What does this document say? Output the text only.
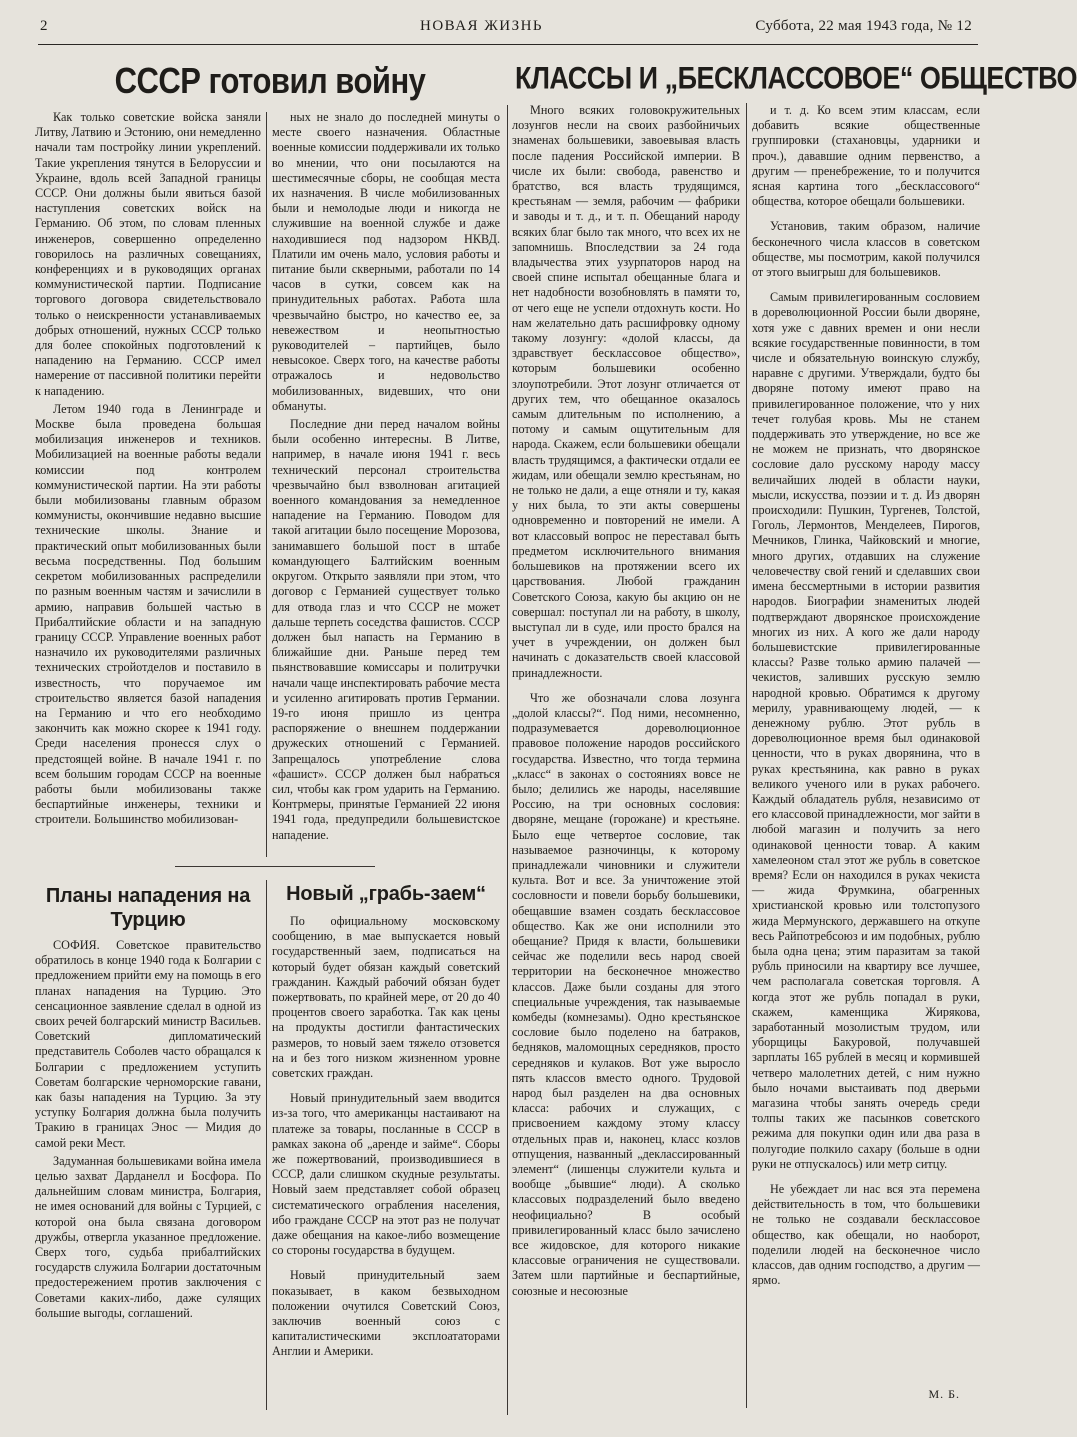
2	НОВАЯ ЖИЗНЬ	Суббота, 22 мая 1943 года, № 12
СССР готовил войну

Как только советские войска заняли Литву, Латвию и Эстонию, они немедленно начали там постройку линии укреплений. Такие укрепления тянутся в Белоруссии и Украине, вдоль всей Западной границы СССР. Они должны были явиться базой наступления советских войск на Германию. Об этом, по словам пленных инженеров, совершенно определенно говорилось на различных совещаниях, конференциях и в руководящих органах коммунистической партии. Подписание торгового договора свидетельствовало только о неискренности устанавливаемых добрых отношений, нужных СССР только для более спокойных подготовлений к нападению на Германию. СССР имел намерение от пассивной политики перейти к нападению.

Летом 1940 года в Ленинграде и Москве была проведена большая мобилизация инженеров и техников. Мобилизацией на военные работы ведали комиссии под контролем коммунистической партии. На эти работы были мобилизованы главным образом коммунисты, окончившие недавно высшие технические школы. Знание и практический опыт мобилизованных были весьма посредственны. Под большим секретом мобилизованных распределили по разным военным частям и зачислили в армию, направив большей частью в Прибалтийские области и на западную границу СССР. Управление военных работ назначило их руководителями различных технических стройотделов и поставило в известность, что поручаемое им строительство является базой нападения на Германию и что его необходимо закончить как можно скорее к 1941 году. Среди населения пронесся слух о предстоящей войне. В начале 1941 г. по всем большим городам СССР на военные работы были мобилизованы также беспартийные инженеры, техники и строители. Большинство мобилизован-

ных не знало до последней минуты о месте своего назначения. Областные военные комиссии поддерживали их только во мнении, что они посылаются на шестимесячные сборы, не сообщая места их назначения. В числе мобилизованных были и немолодые люди и никогда не служившие на военной службе и даже находившиеся под надзором НКВД. Платили им очень мало, условия работы и питание были скверными, работали по 14 часов в сутки, совсем как на принудительных работах. Работа шла чрезвычайно быстро, но качество ее, за невежеством и неопытностью руководителей – партийцев, было невысокое. Сверх того, на качестве работы отражалось и недовольство мобилизованных, видевших, что они обмануты.

Последние дни перед началом войны были особенно интересны. В Литве, например, в начале июня 1941 г. весь технический персонал строительства чрезвычайно был взволнован агитацией военного командования за немедленное нападение на Германию. Поводом для такой агитации было посещение Морозова, занимавшего большой пост в штабе командующего Балтийским военным округом. Открыто заявляли при этом, что договор с Германией существует только для отвода глаз и что СССР не может дальше терпеть соседства фашистов. СССР должен был напасть на Германию в ближайшие дни. Раньше перед тем пьянствовавшие комиссары и политручки начали чаще инспектировать рабочие места и усиленно агитировать против Германии. 19-го июня пришло из центра распоряжение о внешнем поддержании дружеских отношений с Германией. Запрещалось употребление слова «фашист». СССР должен был набраться сил, чтобы как гром ударить на Германию. Контрмеры, принятые Германией 22 июня 1941 года, предупредили большевистское нападение.

Планы нападения на Турцию

СОФИЯ. Советское правительство обратилось в конце 1940 года к Болгарии с предложением прийти ему на помощь в его планах нападения на Турцию. Это сенсационное заявление сделал в одной из своих речей болгарский министр Васильев. Советский дипломатический представитель Соболев часто обращался к Болгарии с предложением уступить Советам болгарские черноморские гавани, как базы нападения на Турцию. За эту уступку Болгария должна была получить Тракию в границах Энос — Мидия до самой реки Мест.

Задуманная большевиками война имела целью захват Дарданелл и Босфора. По дальнейшим словам министра, Болгария, не имея оснований для войны с Турцией, с которой она была связана договором дружбы, отвергла указанное предложение. Сверх того, судьба прибалтийских государств служила Болгарии достаточным предостережением против заключения с Советами каких-либо, даже сулящих большие выгоды, соглашений.

Новый „грабь-заем“

По официальному московскому сообщению, в мае выпускается новый государственный заем, подписаться на который будет обязан каждый советский гражданин. Каждый рабочий обязан будет пожертвовать, по крайней мере, от 20 до 40 процентов своего заработка. Так как цены на продукты достигли фантастических размеров, то новый заем тяжело отзовется на и без того низком жизненном уровне советских граждан.

Новый принудительный заем вводится из-за того, что американцы настаивают на платеже за товары, посланные в СССР в рамках закона об „аренде и займе“. Сборы же пожертвований, производившиеся в СССР, дали слишком скудные результаты. Новый заем представляет собой образец систематического ограбления населения, ибо граждане СССР на этот раз не получат даже обещания на какое-либо возмещение со стороны государства в будущем.

Новый принудительный заем показывает, в каком безвыходном положении очутился Советский Союз, заключив военный союз с капиталистическими эксплоататорами Англии и Америки.

КЛАССЫ И „БЕСКЛАССОВОЕ“ ОБЩЕСТВО

Много всяких головокружительных лозунгов несли на своих разбойничьих знаменах большевики, завоевывая власть после падения Российской империи. В числе их были: свобода, равенство и братство, вся власть трудящимся, крестьянам — земля, рабочим — фабрики и заводы и т. д., и т. п. Обещаний народу всяких благ было так много, что всех их не запомнишь. Впоследствии за 24 года владычества этих узурпаторов народ на своей спине испытал обещанные блага и нет надобности возобновлять в памяти то, от чего еще не успели отдохнуть кости. Но нам желательно дать расшифровку одному такому лозунгу: «долой классы, да здравствует бесклассовое общество», которым большевики особенно злоупотребили. Этот лозунг отличается от других тем, что обещанное оказалось самым длительным по исполнению, а потому и самым ощутительным для народа. Скажем, если большевики обещали власть трудящимся, а фактически отдали ее жидам, или обещали землю крестьянам, но не только не дали, а еще отняли и ту, какая у них была, то эти акты совершены одновременно и повторений не имели. А вот классовый вопрос не переставал быть предметом исключительного внимания большевиков на протяжении всего их царствования. Любой гражданин Советского Союза, какую бы акцию он не совершал: поступал ли на работу, в школу, выступал ли в суде, или просто брался на учет в учреждении, он должен был начинать с доказательств своей классовой принадлежности.

Что же обозначали слова лозунга „долой классы?“. Под ними, несомненно, подразумевается дореволюционное правовое положение народов российского государства. Известно, что тогда термина „класс“ в законах о состояниях вовсе не было; делились же народы, населявшие Россию, на три основных сословия: дворяне, мещане (горожане) и крестьяне. Было еще четвертое сословие, так называемое разночинцы, к которому принадлежали чиновники и служители культа. Вот и все. За уничтожение этой сословности и повели борьбу большевики, обещавшие взамен создать бесклассовое общество. Как же они исполнили это обещание? Придя к власти, большевики сейчас же поделили весь народ своей территории на бесконечное множество классов. Даже были созданы для этого специальные учреждения, так называемые комбеды (комнезамы). Одно крестьянское сословие было поделено на батраков, бедняков, маломощных середняков, просто середняков и кулаков. Вот уже выросло пять классов вместо одного. Трудовой народ был разделен на два основных класса: рабочих и служащих, с присвоением каждому этому классу отдельных прав и, наконец, класс козлов отпущения, названный „деклассированный элемент“ (лишенцы служители культа и вообще „бывшие“ люди). А сколько классовых подразделений было введено неофициально? В особый привилегированный класс было зачислено все жидовское, для которого никакие классовые ограничения не существовали. Затем шли партийные и беспартийные, союзные и несоюзные

и т. д. Ко всем этим классам, если добавить всякие общественные группировки (стахановцы, ударники и проч.), дававшие одним первенство, а другим — пренебрежение, то и получится ясная картина того „бесклассового“ общества, которое обещали большевики.

Установив, таким образом, наличие бесконечного числа классов в советском обществе, мы посмотрим, какой получился от этого выигрыш для большевиков.

Самым привилегированным сословием в дореволюционной России были дворяне, хотя уже с давних времен и они несли всякие государственные повинности, в том числе и обязательную воинскую службу, наравне с другими. Утверждали, будто бы дворяне потому имеют право на привилегированное положение, что у них течет голубая кровь. Мы не станем поддерживать это утверждение, но все же не можем не признать, что дворянское сословие дало русскому народу массу величайших людей в области науки, мысли, искусства, поэзии и т. д. Из дворян происходили: Пушкин, Тургенев, Толстой, Гоголь, Лермонтов, Менделеев, Пирогов, Мечников, Глинка, Чайковский и многие, много других, отдавших на служение человечеству свой гений и сделавших свои имена бессмертными в истории развития народов. Биографии знаменитых людей подтверждают дворянское происхождение многих из них. А кого же дали народу большевистские привилегированные классы? Разве только армию палачей — чекистов, заливших русскую землю народной кровью. Обратимся к другому мерилу, уравнивающему людей, — к денежному рублю. Этот рубль в дореволюционное время был одинаковой ценности, что в руках дворянина, что в руках крестьянина, как равно в руках великого ученого или в руках рабочего. Каждый обладатель рубля, независимо от его классовой принадлежности, мог зайти в любой магазин и получить за него одинаковой ценности товар. А каким хамелеоном стал этот же рубль в советское время? Если он находился в руках чекиста — жида Фрумкина, обагренных христианской кровью или толстопузого жида Мермунского, державшего на откупе весь Райпотребсоюз и им подобных, рублю была одна цена; этим паразитам за такой рубль приносили на квартиру все лучшее, чем располагала советская торговля. А когда этот же рубль попадал в руки, скажем, каменщика Жирякова, заработанный мозолистым трудом, или уборщицы Бакуровой, получавшей зарплаты 165 рублей в месяц и кормившей четверо малолетних детей, с ним нужно было ночами выстаивать под дверьми магазина чтобы занять очередь среди толпы таких же пасынков советского режима для покупки один или два раза в полугодие полкило сахару (больше в одни руки не отпускалось) или метр ситцу.

Не убеждает ли нас вся эта перемена действительность в том, что большевики не только не создавали бесклассовое общество, как обещали, но наоборот, поделили людей на бесконечное число классов, дав одним господство, а другим — ярмо.

М. Б.
